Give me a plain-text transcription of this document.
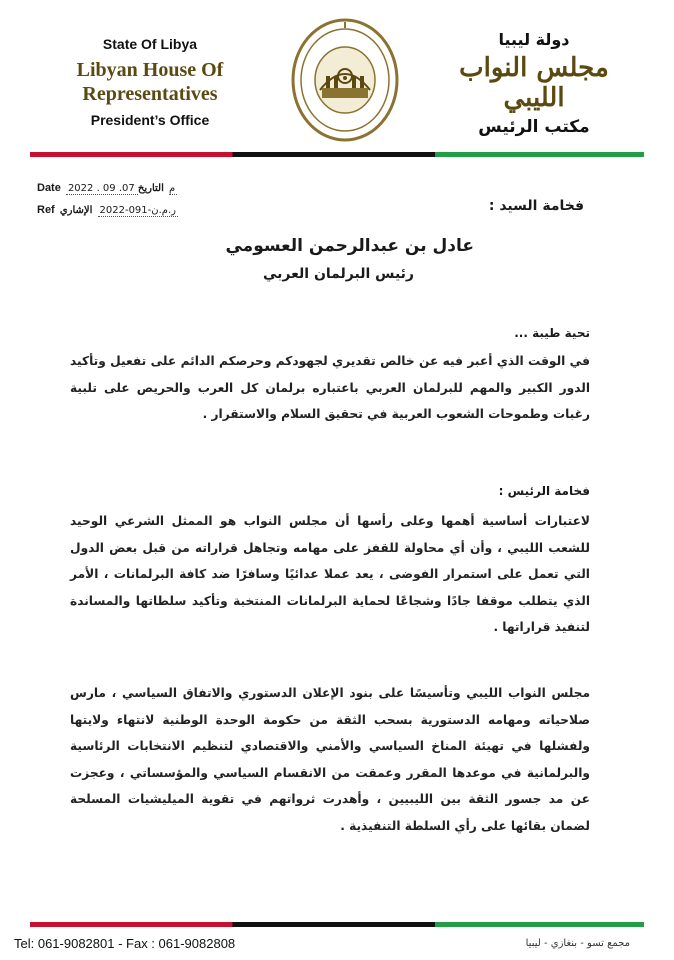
State Of Libya
Libyan House Of
Representatives
President’s Office
دولة ليبيا
مجلس النواب الليبي
مكتب الرئيس
Date 2022 . 09 .07 م التاريخ
Ref	ر.م.ن-091-2022 الإشاري	فخامة السيد :
عادل بن عبدالرحمن العسومي
رئيس البرلمان العربي
تحية طيبة ...
في الوقت الذي أعبر فيه عن خالص تقديري لجهودكم وحرصكم الدائم على تفعيل وتأكيد الدور الكبير والمهم للبرلمان العربي باعتباره برلمان كل العرب والحريص على تلبية رغبات وطموحات الشعوب العربية في تحقيق السلام والاستقرار .
فخامة الرئيس :
لاعتبارات أساسية أهمها وعلى رأسها أن مجلس النواب هو الممثل الشرعي الوحيد للشعب الليبي ، وأن أي محاولة للقفز على مهامه وتجاهل قراراته من قبل بعض الدول التي تعمل على استمرار الفوضى ، يعد عملا عدائيًا وسافرًا ضد كافة البرلمانات ، الأمر الذي يتطلب موقفا جادًا وشجاعًا لحماية البرلمانات المنتخبة وتأكيد سلطاتها والمساندة لتنفيذ قراراتها .
مجلس النواب الليبي وتأسيسًا على بنود الإعلان الدستوري والاتفاق السياسي ، مارس صلاحياته ومهامه الدستورية بسحب الثقة من حكومة الوحدة الوطنية لانتهاء ولايتها ولفشلها في تهيئة المناخ السياسي والأمني والاقتصادي لتنظيم الانتخابات الرئاسية والبرلمانية في موعدها المقرر وعمقت من الانقسام السياسي والمؤسساتي ، وعجزت عن مد جسور الثقة بين الليبيين ، وأهدرت ثرواتهم في تقوية الميليشيات المسلحة لضمان بقائها على رأي السلطة التنفيذية .
Tel: 061-9082801 - Fax : 061-9082808	مجمع تسو - بنغازي - ليبيا
